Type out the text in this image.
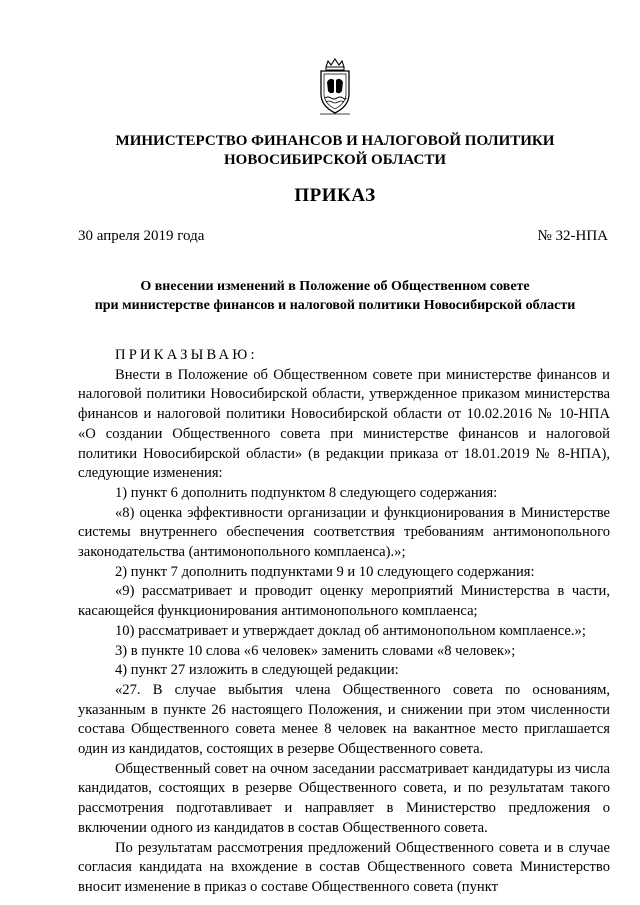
МИНИСТЕРСТВО ФИНАНСОВ И НАЛОГОВОЙ ПОЛИТИКИ
НОВОСИБИРСКОЙ ОБЛАСТИ
ПРИКАЗ
30 апреля 2019 года	№ 32-НПА
О внесении изменений в Положение об Общественном совете
при министерстве финансов и налоговой политики Новосибирской области

ПРИКАЗЫВАЮ:

Внести в Положение об Общественном совете при министерстве финансов и налоговой политики Новосибирской области, утвержденное приказом министерства финансов и налоговой политики Новосибирской области от 10.02.2016 № 10-НПА «О создании Общественного совета при министерстве финансов и налоговой политики Новосибирской области» (в редакции приказа от 18.01.2019 № 8-НПА), следующие изменения:

1) пункт 6 дополнить подпунктом 8 следующего содержания:

«8) оценка эффективности организации и функционирования в Министерстве системы внутреннего обеспечения соответствия требованиям антимонопольного законодательства (антимонопольного комплаенса).»;

2) пункт 7 дополнить подпунктами 9 и 10 следующего содержания:

«9) рассматривает и проводит оценку мероприятий Министерства в части, касающейся функционирования антимонопольного комплаенса;

10) рассматривает и утверждает доклад об антимонопольном комплаенсе.»;

3) в пункте 10 слова «6 человек» заменить словами «8 человек»;

4) пункт 27 изложить в следующей редакции:

«27. В случае выбытия члена Общественного совета по основаниям, указанным в пункте 26 настоящего Положения, и снижении при этом численности состава Общественного совета менее 8 человек на вакантное место приглашается один из кандидатов, состоящих в резерве Общественного совета.

Общественный совет на очном заседании рассматривает кандидатуры из числа кандидатов, состоящих в резерве Общественного совета, и по результатам такого рассмотрения подготавливает и направляет в Министерство предложения о включении одного из кандидатов в состав Общественного совета.

По результатам рассмотрения предложений Общественного совета и в случае согласия кандидата на вхождение в состав Общественного совета Министерство вносит изменение в приказ о составе Общественного совета (пункт
